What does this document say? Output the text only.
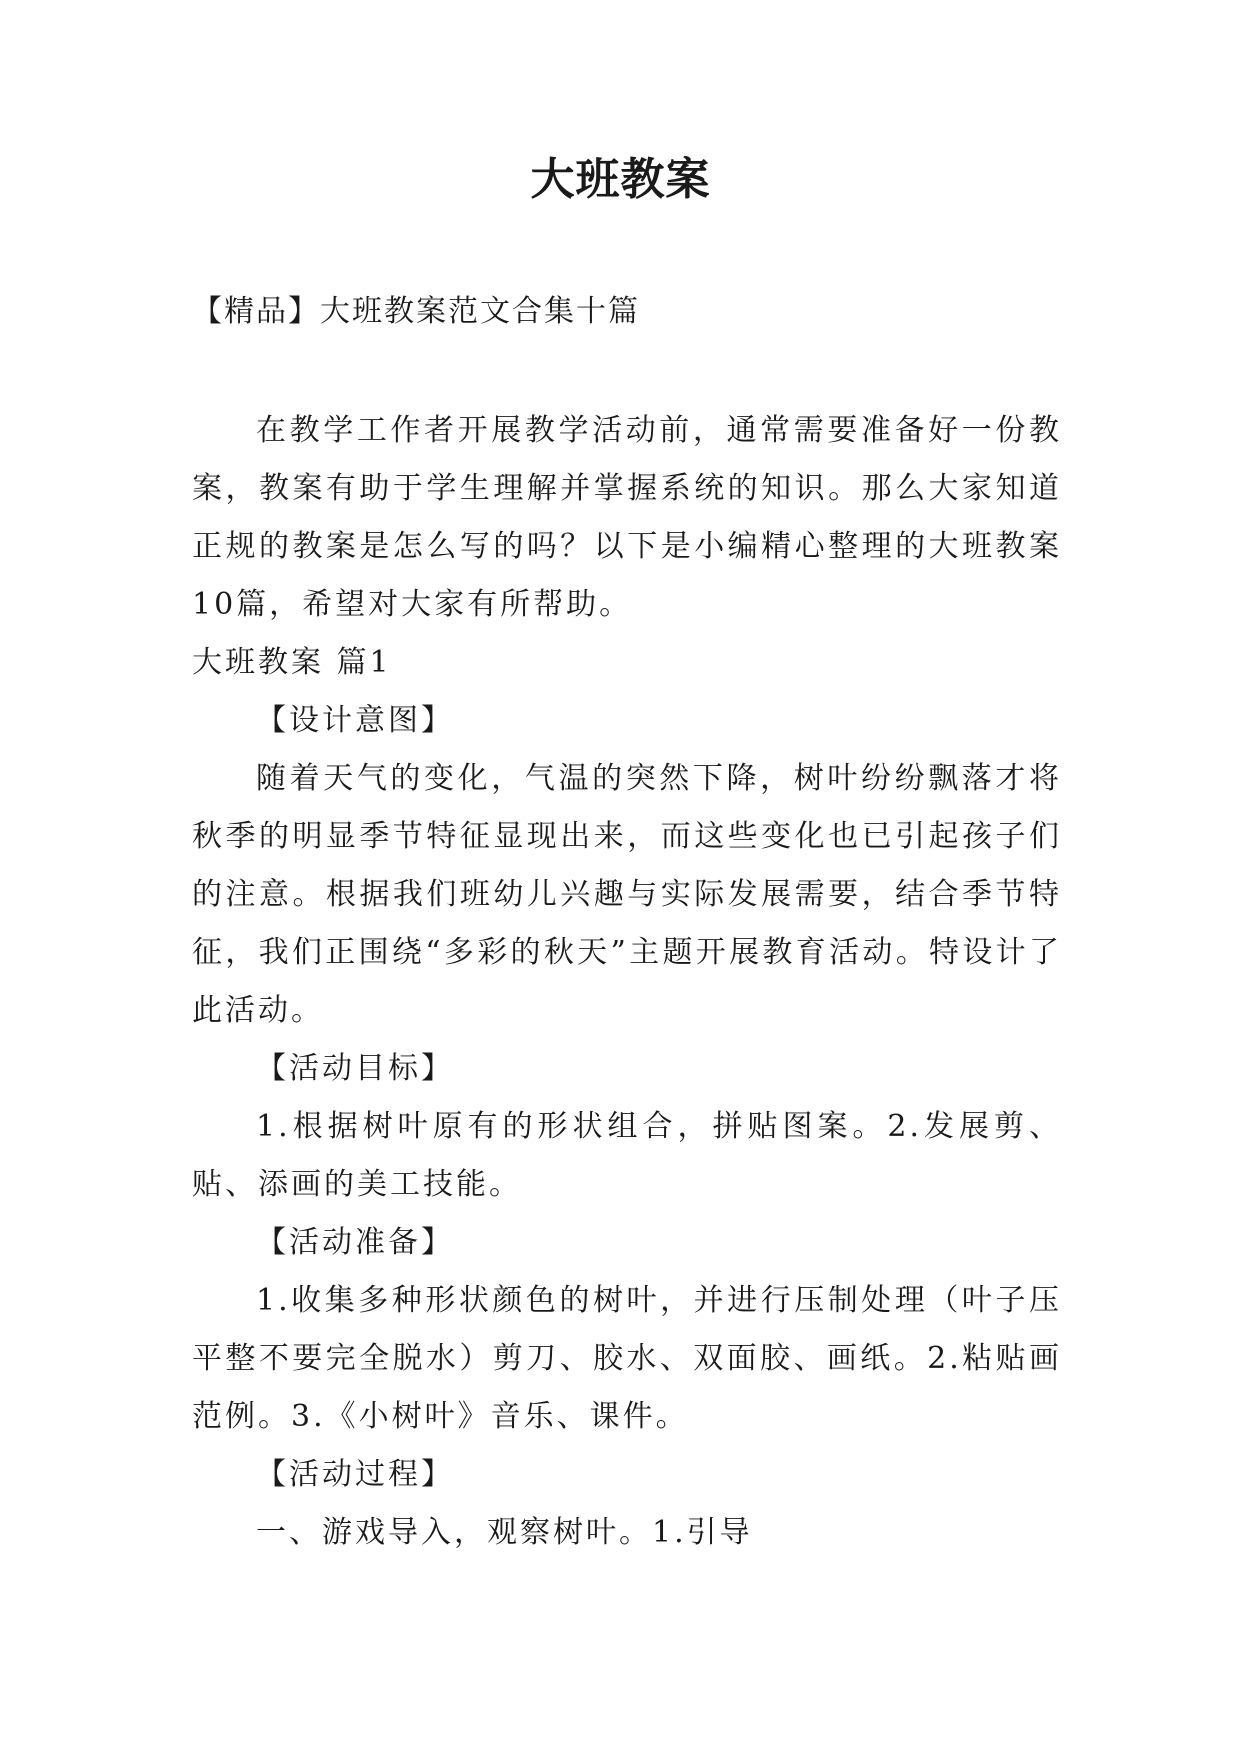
大班教案

【精品】大班教案范文合集十篇

在教学工作者开展教学活动前，通常需要准备好一份教案，教案有助于学生理解并掌握系统的知识。那么大家知道正规的教案是怎么写的吗？以下是小编精心整理的大班教案10篇，希望对大家有所帮助。

大班教案 篇1

【设计意图】

随着天气的变化，气温的突然下降，树叶纷纷飘落才将秋季的明显季节特征显现出来，而这些变化也已引起孩子们的注意。根据我们班幼儿兴趣与实际发展需要，结合季节特征，我们正围绕“多彩的秋天”主题开展教育活动。特设计了此活动。

【活动目标】

1.根据树叶原有的形状组合，拼贴图案。2.发展剪、贴、添画的美工技能。

【活动准备】

1.收集多种形状颜色的树叶，并进行压制处理（叶子压平整不要完全脱水）剪刀、胶水、双面胶、画纸。2.粘贴画范例。3.《小树叶》音乐、课件。

【活动过程】

一、游戏导入，观察树叶。1.引导
